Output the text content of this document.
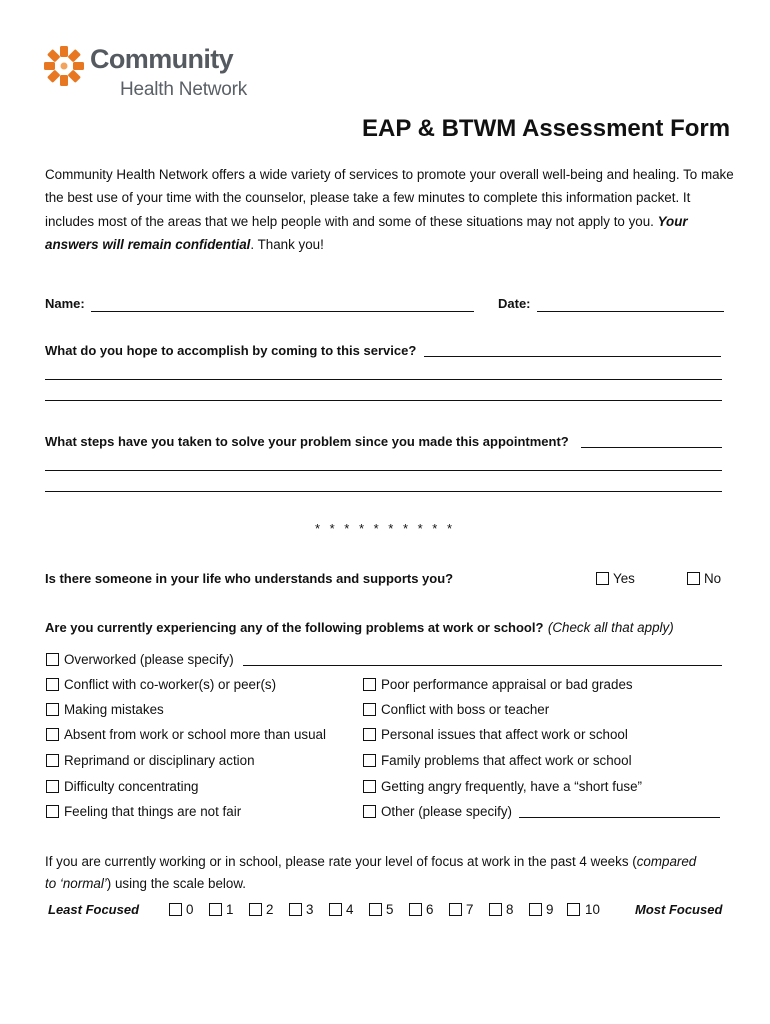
Community
Health Network
EAP & BTWM Assessment Form
Community Health Network offers a wide variety of services to promote your overall well-being and healing. To make the best use of your time with the counselor, please take a few minutes to complete this information packet. It includes most of the areas that we help people with and some of these situations may not apply to you. Your answers will remain confidential. Thank you!
Name:	Date:
What do you hope to accomplish by coming to this service?
What steps have you taken to solve your problem since you made this appointment?
* * * * * * * * * *
Is there someone in your life who understands and supports you?	Yes	No
Are you currently experiencing any of the following problems at work or school? (Check all that apply)
Overworked (please specify)
Conflict with co-worker(s) or peer(s)
Making mistakes
Absent from work or school more than usual
Reprimand or disciplinary action
Difficulty concentrating
Feeling that things are not fair
Poor performance appraisal or bad grades
Conflict with boss or teacher
Personal issues that affect work or school
Family problems that affect work or school
Getting angry frequently, have a “short fuse”
Other (please specify)
If you are currently working or in school, please rate your level of focus at work in the past 4 weeks (compared
to ‘normal’) using the scale below.
Least Focused	Most Focused
0 1 2 3 4 5 6 7 8 9 10
